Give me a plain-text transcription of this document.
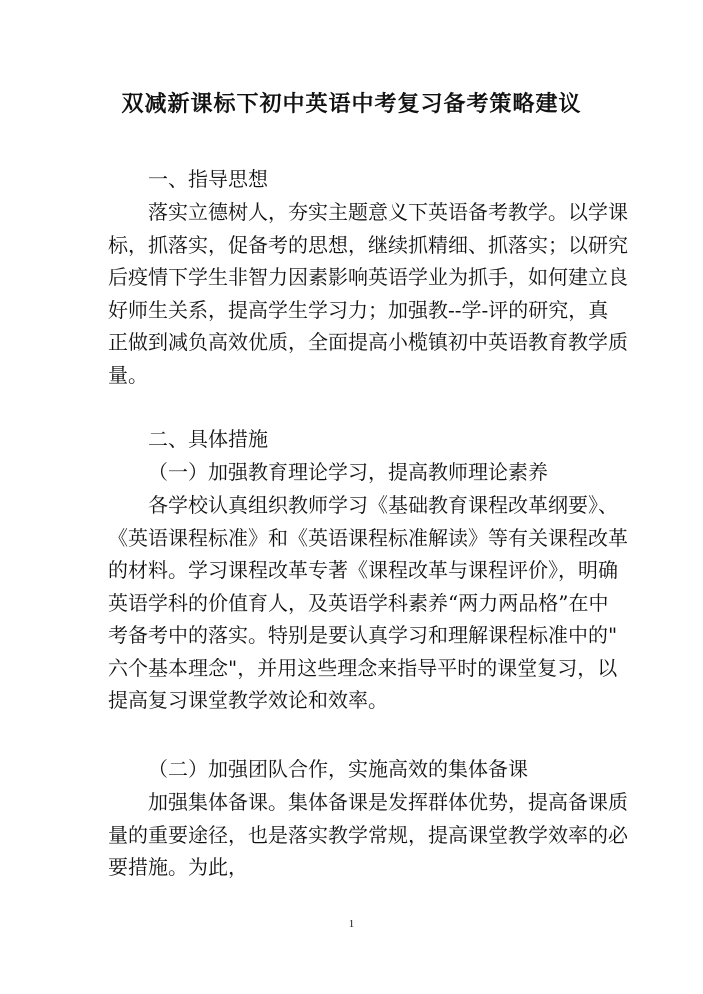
双减新课标下初中英语中考复习备考策略建议
一、指导思想
落实立德树人，夯实主题意义下英语备考教学。以学课
标，抓落实，促备考的思想，继续抓精细、抓落实；以研究
后疫情下学生非智力因素影响英语学业为抓手，如何建立良
好师生关系，提高学生学习力；加强教--学-评的研究，真
正做到减负高效优质，全面提高小榄镇初中英语教育教学质
量。
二、具体措施
（一）加强教育理论学习，提高教师理论素养
各学校认真组织教师学习《基础教育课程改革纲要》、
《英语课程标准》和《英语课程标准解读》等有关课程改革
的材料。学习课程改革专著《课程改革与课程评价》，明确
英语学科的价值育人，及英语学科素养“两力两品格”在中
考备考中的落实。特别是要认真学习和理解课程标准中的"
六个基本理念"，并用这些理念来指导平时的课堂复习，以
提高复习课堂教学效论和效率。
（二）加强团队合作，实施高效的集体备课
加强集体备课。集体备课是发挥群体优势，提高备课质
量的重要途径，也是落实教学常规，提高课堂教学效率的必
要措施。为此，
1
